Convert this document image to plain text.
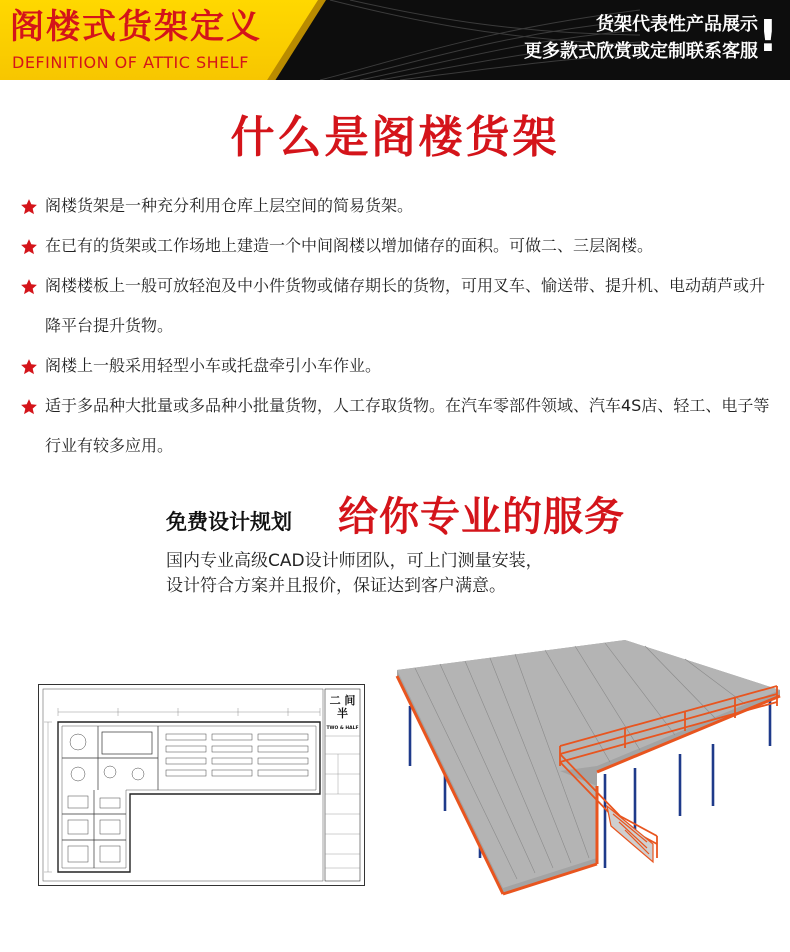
阁楼式货架定义
DEFINITION OF ATTIC SHELF
货架代表性产品展示
更多款式欣赏或定制联系客服 !
什么是阁楼货架
阁楼货架是一种充分利用仓库上层空间的简易货架。
在已有的货架或工作场地上建造一个中间阁楼以增加储存的面积。可做二、三层阁楼。
阁楼楼板上一般可放轻泡及中小件货物或储存期长的货物，可用叉车、愉送带、提升机、电动葫芦或升降平台提升货物。
阁楼上一般采用轻型小车或托盘牵引小车作业。
适于多品种大批量或多品种小批量货物，人工存取货物。在汽车零部件领域、汽车4S店、轻工、电子等行业有较多应用。
免费设计规划 给你专业的服务
国内专业高级CAD设计师团队，可上门测量安装，
设计符合方案并且报价，保证达到客户满意。
二 间
半
TWO & HALF
